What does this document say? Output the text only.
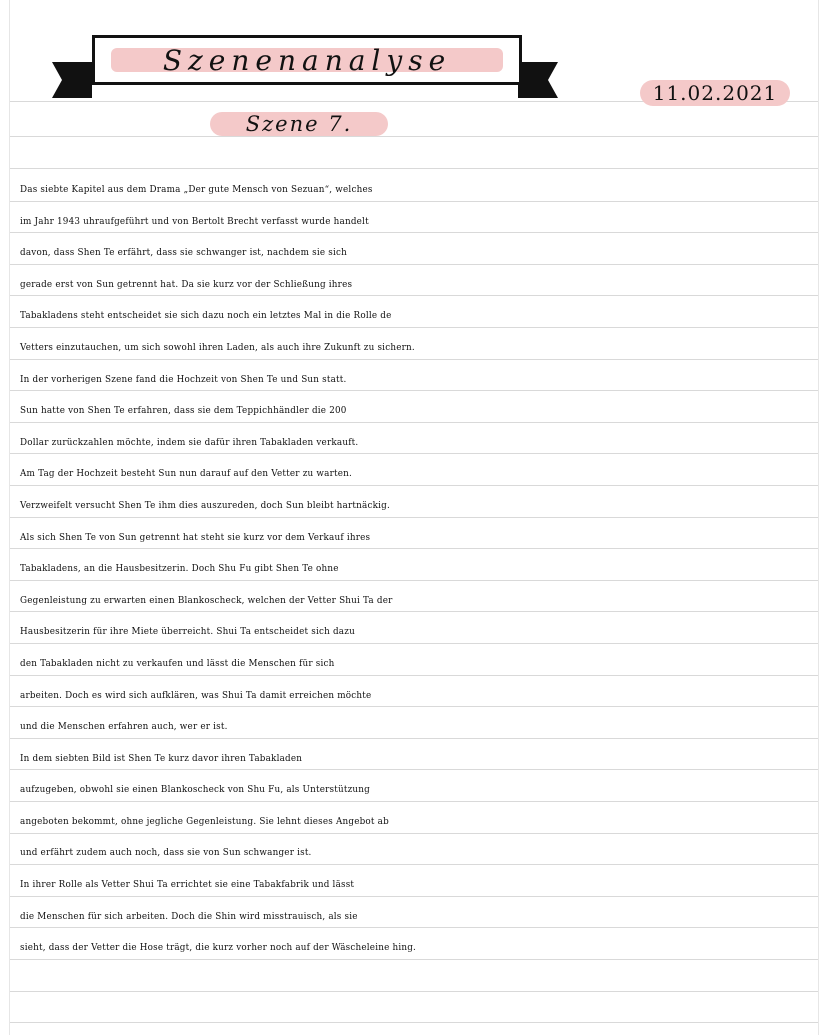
Szenenanalyse
11.02.2021
Szene 7.
Das siebte Kapitel aus dem Drama „Der gute Mensch von Sezuan“, welches
im Jahr 1943 uhraufgeführt und von Bertolt Brecht verfasst wurde handelt
davon, dass Shen Te erfährt, dass sie schwanger ist, nachdem sie sich
gerade erst von Sun getrennt hat. Da sie kurz vor der Schließung ihres
Tabakladens steht entscheidet sie sich dazu noch ein letztes Mal in die Rolle de
Vetters einzutauchen, um sich sowohl ihren Laden, als auch ihre Zukunft zu sichern.
In der vorherigen Szene fand die Hochzeit von Shen Te und Sun statt.
Sun hatte von Shen Te erfahren, dass sie dem Teppichhändler die 200
Dollar zurückzahlen möchte, indem sie dafür ihren Tabakladen verkauft.
Am Tag der Hochzeit besteht Sun nun darauf auf den Vetter zu warten.
Verzweifelt versucht Shen Te ihm dies auszureden, doch Sun bleibt hartnäckig.
Als sich Shen Te von Sun getrennt hat steht sie kurz vor dem Verkauf ihres
Tabakladens, an die Hausbesitzerin. Doch Shu Fu gibt Shen Te ohne
Gegenleistung zu erwarten einen Blankoscheck, welchen der Vetter Shui Ta der
Hausbesitzerin für ihre Miete überreicht. Shui Ta entscheidet sich dazu
den Tabakladen nicht zu verkaufen und lässt die Menschen für sich
arbeiten. Doch es wird sich aufklären, was Shui Ta damit erreichen möchte
und die Menschen erfahren auch, wer er ist.
In dem siebten Bild ist Shen Te kurz davor ihren Tabakladen
aufzugeben, obwohl sie einen Blankoscheck von Shu Fu, als Unterstützung
angeboten bekommt, ohne jegliche Gegenleistung. Sie lehnt dieses Angebot ab
und erfährt zudem auch noch, dass sie von Sun schwanger ist.
In ihrer Rolle als Vetter Shui Ta errichtet sie eine Tabakfabrik und lässt
die Menschen für sich arbeiten. Doch die Shin wird misstrauisch, als sie
sieht, dass der Vetter die Hose trägt, die kurz vorher noch auf der Wäscheleine hing.
